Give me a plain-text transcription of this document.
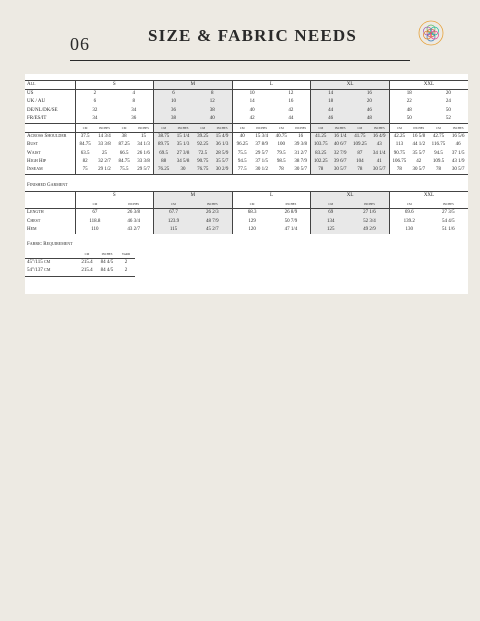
06	SIZE & FABRIC NEEDS
All	S				M				L				XL				XXL			
US	2		4		6		8		10		12		14		16		18		20	
UK / AU	6		8		10		12		14		16		18		20		22		24	
DE/NL/DK/SE	32		34		36		38		40		42		44		46		48		50	
FR/ES/IT	34		36		38		40		42		44		46		48		50		52	
	cm	inches	cm	inches	cm	inches	cm	inches	cm	inches	cm	inches	cm	inches	cm	inches	cm	inches	cm	inches
Across Shoulder	37.5	14 3/4	38	15	38.75	15 1/4	39.25	15 4/9	40	15 3/4	40.75	16	41.25	16 1/4	41.75	16 4/9	42.25	16 5/8	42.75	16 5/6
Bust	84.75	33 3/8	87.25	34 1/3	89.75	35 1/3	92.25	36 1/3	96.25	37 8/9	100	39 3/8	103.75	40 6/7	109.25	43	113	44 1/2	116.75	46
Waist	63.5	25	66.5	26 1/6	69.5	27 3/8	72.5	28 5/9	75.5	29 5/7	79.5	31 2/7	83.25	32 7/9	87	34 1/4	90.75	35 5/7	94.5	37 1/5
High Hip	82	32 2/7	84.75	33 3/8	88	34 5/8	90.75	35 5/7	94.5	37 1/5	98.5	38 7/9	102.25	39 6/7	104	41	106.75	42	109.5	43 1/9
Inseam	75	29 1/2	75.5	29 5/7	76.25	30	76.75	30 2/9	77.5	30 1/2	78	30 5/7	78	30 5/7	78	30 5/7	78	30 5/7	78	30 5/7
Finished Garment
	S		M		L		XL		XXL	
	cm	inches	cm	inches	cm	inches	cm	inches	cm	inches
Length	67	26 3/8	67.7	26 2/3	68.3	26 8/9	69	27 1/6	69.6	27 3/5
Chest	118.8	46 3/4	123.9	48 7/9	129	50 7/9	134	52 3/4	139.2	54 4/5
Hem	110	43 2/7	115	45 2/7	120	47 1/4	125	49 2/9	130	51 1/6
Fabric Requirement
	cm	inches	yard
45"/115 cm	215.4	84 4/5	2
54"/137 cm	215.4	84 4/5	2
